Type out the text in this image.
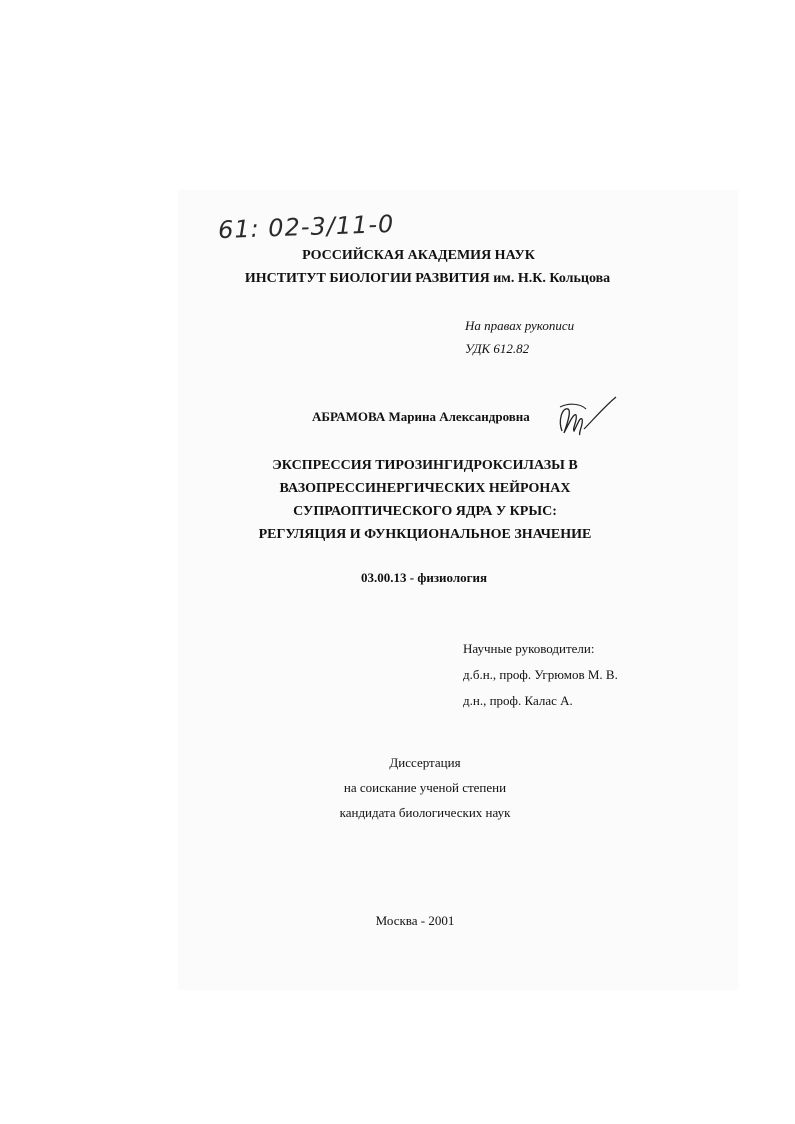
61: 02-3/11-0
РОССИЙСКАЯ АКАДЕМИЯ НАУК
ИНСТИТУТ БИОЛОГИИ РАЗВИТИЯ им. Н.К. Кольцова
На правах рукописи
УДК 612.82
АБРАМОВА Марина Александровна
ЭКСПРЕССИЯ ТИРОЗИНГИДРОКСИЛАЗЫ В
ВАЗОПРЕССИНЕРГИЧЕСКИХ НЕЙРОНАХ
СУПРАОПТИЧЕСКОГО ЯДРА У КРЫС:
РЕГУЛЯЦИЯ И ФУНКЦИОНАЛЬНОЕ ЗНАЧЕНИЕ
03.00.13 - физиология
Научные руководители:
д.б.н., проф. Угрюмов М. В.
д.н., проф. Калас А.
Диссертация
на соискание ученой степени
кандидата биологических наук
Москва - 2001
